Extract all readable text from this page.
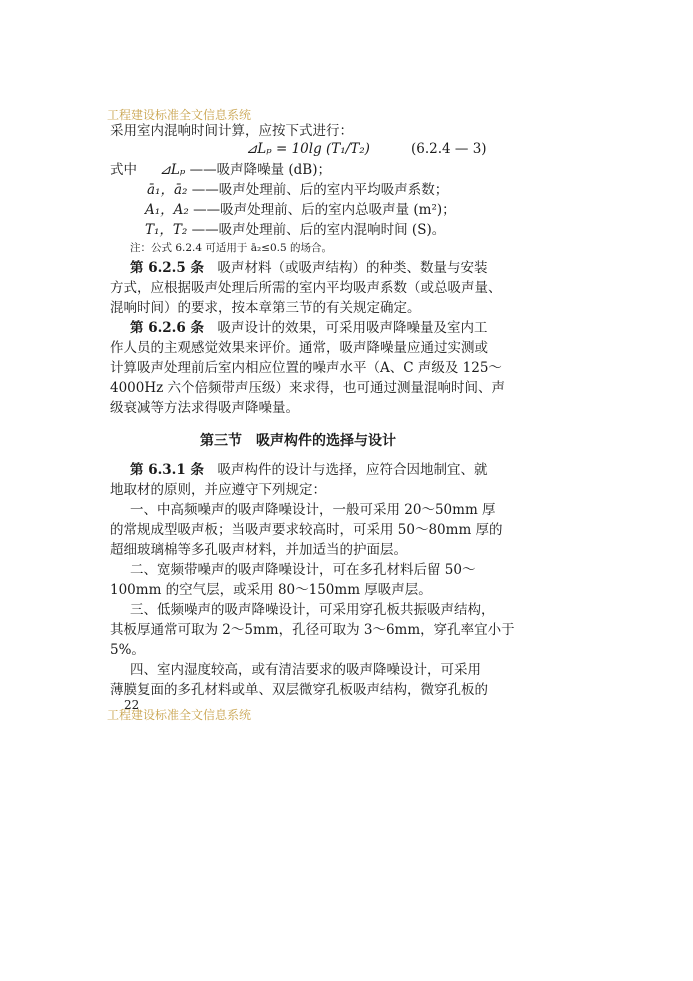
工程建设标准全文信息系统
采用室内混响时间计算，应按下式进行：
⊿Lₚ = 10lg (T₁/T₂)	(6.2.4 — 3)
式中 ⊿Lₚ ——吸声降噪量 (dB)；
ā₁，ā₂ ——吸声处理前、后的室内平均吸声系数；
A₁，A₂ ——吸声处理前、后的室内总吸声量 (m²)；
T₁，T₂ ——吸声处理前、后的室内混响时间 (S)。
注：公式 6.2.4 可适用于 ā₂≤0.5 的场合。
第 6.2.5 条  吸声材料（或吸声结构）的种类、数量与安装
方式，应根据吸声处理后所需的室内平均吸声系数（或总吸声量、
混响时间）的要求，按本章第三节的有关规定确定。
第 6.2.6 条  吸声设计的效果，可采用吸声降噪量及室内工
作人员的主观感觉效果来评价。通常，吸声降噪量应通过实测或
计算吸声处理前后室内相应位置的噪声水平（A、C 声级及 125～
4000Hz 六个倍频带声压级）来求得，也可通过测量混响时间、声
级衰减等方法求得吸声降噪量。
第三节　吸声构件的选择与设计
第 6.3.1 条  吸声构件的设计与选择，应符合因地制宜、就
地取材的原则，并应遵守下列规定：
一、中高频噪声的吸声降噪设计，一般可采用 20～50mm 厚
的常规成型吸声板；当吸声要求较高时，可采用 50～80mm 厚的
超细玻璃棉等多孔吸声材料，并加适当的护面层。
二、宽频带噪声的吸声降噪设计，可在多孔材料后留 50～
100mm 的空气层，或采用 80～150mm 厚吸声层。
三、低频噪声的吸声降噪设计，可采用穿孔板共振吸声结构，
其板厚通常可取为 2～5mm，孔径可取为 3～6mm，穿孔率宜小于
5%。
四、室内湿度较高，或有清洁要求的吸声降噪设计，可采用
薄膜复面的多孔材料或单、双层微穿孔板吸声结构，微穿孔板的
22
工程建设标准全文信息系统
